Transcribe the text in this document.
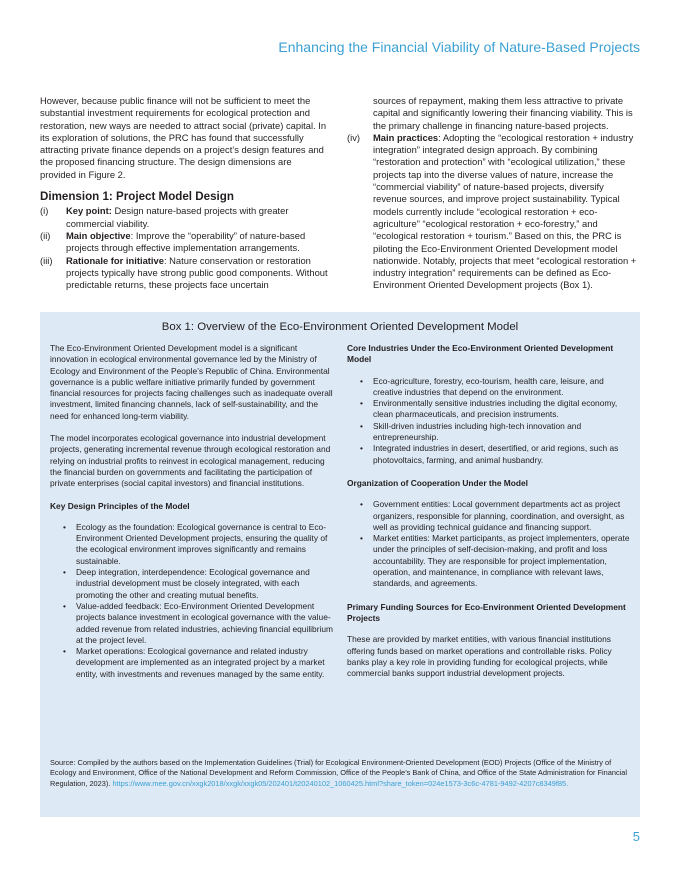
Enhancing the Financial Viability of Nature-Based Projects

However, because public finance will not be sufficient to meet the substantial investment requirements for ecological protection and restoration, new ways are needed to attract social (private) capital. In its exploration of solutions, the PRC has found that successfully attracting private finance depends on a project’s design features and the proposed financing structure. The design dimensions are provided in Figure 2.

Dimension 1: Project Model Design
(i)	Key point: Design nature-based projects with greater commercial viability.
(ii)	Main objective: Improve the “operability” of nature-based projects through effective implementation arrangements.
(iii)	Rationale for initiative: Nature conservation or restoration projects typically have strong public good components. Without predictable returns, these projects face uncertain

sources of repayment, making them less attractive to private capital and significantly lowering their financing viability. This is the primary challenge in financing nature-based projects.

(iv)	Main practices: Adopting the “ecological restoration + industry integration” integrated design approach. By combining “restoration and protection” with “ecological utilization,” these projects tap into the diverse values of nature, increase the “commercial viability” of nature-based projects, diversify revenue sources, and improve project sustainability. Typical models currently include “ecological restoration + eco-agriculture” “ecological restoration + eco-forestry,” and “ecological restoration + tourism.” Based on this, the PRC is piloting the Eco-Environment Oriented Development model nationwide. Notably, projects that meet “ecological restoration + industry integration” requirements can be defined as Eco-Environment Oriented Development projects (Box 1).
Box 1: Overview of the Eco-Environment Oriented Development Model

The Eco-Environment Oriented Development model is a significant innovation in ecological environmental governance led by the Ministry of Ecology and Environment of the People’s Republic of China. Environmental governance is a public welfare initiative primarily funded by government financial resources for projects facing challenges such as inadequate overall investment, limited financing channels, lack of self-sustainability, and the need for enhanced long-term viability.

The model incorporates ecological governance into industrial development projects, generating incremental revenue through ecological restoration and relying on industrial profits to reinvest in ecological management, reducing the financial burden on governments and facilitating the participation of private enterprises (social capital investors) and financial institutions.

Key Design Principles of the Model
• Ecology as the foundation: Ecological governance is central to Eco-Environment Oriented Development projects, ensuring the quality of the ecological environment improves significantly and remains sustainable.
• Deep integration, interdependence: Ecological governance and industrial development must be closely integrated, with each promoting the other and creating mutual benefits.
• Value-added feedback: Eco-Environment Oriented Development projects balance investment in ecological governance with the value-added revenue from related industries, achieving financial equilibrium at the project level.
• Market operations: Ecological governance and related industry development are implemented as an integrated project by a market entity, with investments and revenues managed by the same entity.
Core Industries Under the Eco-Environment Oriented Development Model
• Eco-agriculture, forestry, eco-tourism, health care, leisure, and creative industries that depend on the environment.
• Environmentally sensitive industries including the digital economy, clean pharmaceuticals, and precision instruments.
• Skill-driven industries including high-tech innovation and entrepreneurship.
• Integrated industries in desert, desertified, or arid regions, such as photovoltaics, farming, and animal husbandry.
Organization of Cooperation Under the Model
• Government entities: Local government departments act as project organizers, responsible for planning, coordination, and oversight, as well as providing technical guidance and financing support.
• Market entities: Market participants, as project implementers, operate under the principles of self-decision-making, and profit and loss accountability. They are responsible for project implementation, operation, and maintenance, in compliance with relevant laws, standards, and agreements.
Primary Funding Sources for Eco-Environment Oriented Development Projects

These are provided by market entities, with various financial institutions offering funds based on market operations and controllable risks. Policy banks play a key role in providing funding for ecological projects, while commercial banks support industrial development projects.

Source: Compiled by the authors based on the Implementation Guidelines (Trial) for Ecological Environment-Oriented Development (EOD) Projects (Office of the Ministry of Ecology and Environment, Office of the National Development and Reform Commission, Office of the People’s Bank of China, and Office of the State Administration for Financial Regulation, 2023). https://www.mee.gov.cn/xxgk2018/xxgk/xxgk05/202401/t20240102_1060425.html?share_token=024e1573-3c6c-4781-9492-4207c8349f85.
5
